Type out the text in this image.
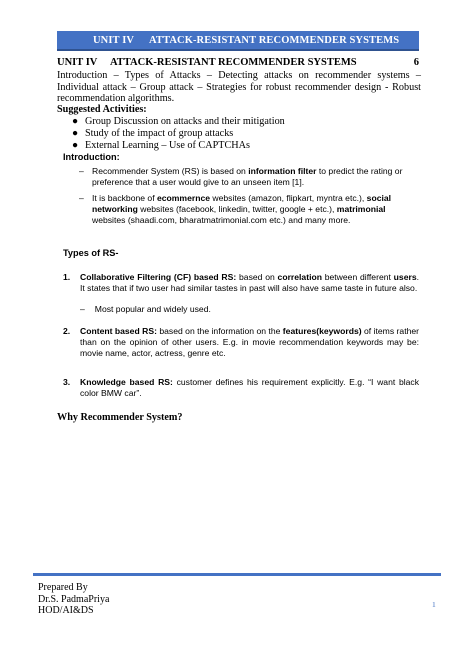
UNIT IV	ATTACK-RESISTANT RECOMMENDER SYSTEMS
UNIT IV	ATTACK-RESISTANT RECOMMENDER SYSTEMS	6

Introduction – Types of Attacks – Detecting attacks on recommender systems – Individual attack – Group attack – Strategies for robust recommender design - Robust recommendation algorithms.

Suggested Activities:
● Group Discussion on attacks and their mitigation
● Study of the impact of group attacks
● External Learning – Use of CAPTCHAs
Introduction:
– Recommender System (RS) is based on information filter to predict the rating or preference that a user would give to an unseen item [1].
– It is backbone of ecommernce websites (amazon, flipkart, myntra etc.), social networking websites (facebook, linkedin, twitter, google + etc.), matrimonial websites (shaadi.com, bharatmatrimonial.com etc.) and many more.
Types of RS-
1. Collaborative Filtering (CF) based RS: based on correlation between different users. It states that if two user had similar tastes in past will also have same taste in future also.
– Most popular and widely used.
2. Content based RS: based on the information on the features(keywords) of items rather than on the opinion of other users. E.g. in movie recommendation keywords may be: movie name, actor, actress, genre etc.
3. Knowledge based RS: customer defines his requirement explicitly. E.g. “I want black color BMW car”.
Why Recommender System?
Prepared By
Dr.S. PadmaPriya
HOD/AI&DS
1
